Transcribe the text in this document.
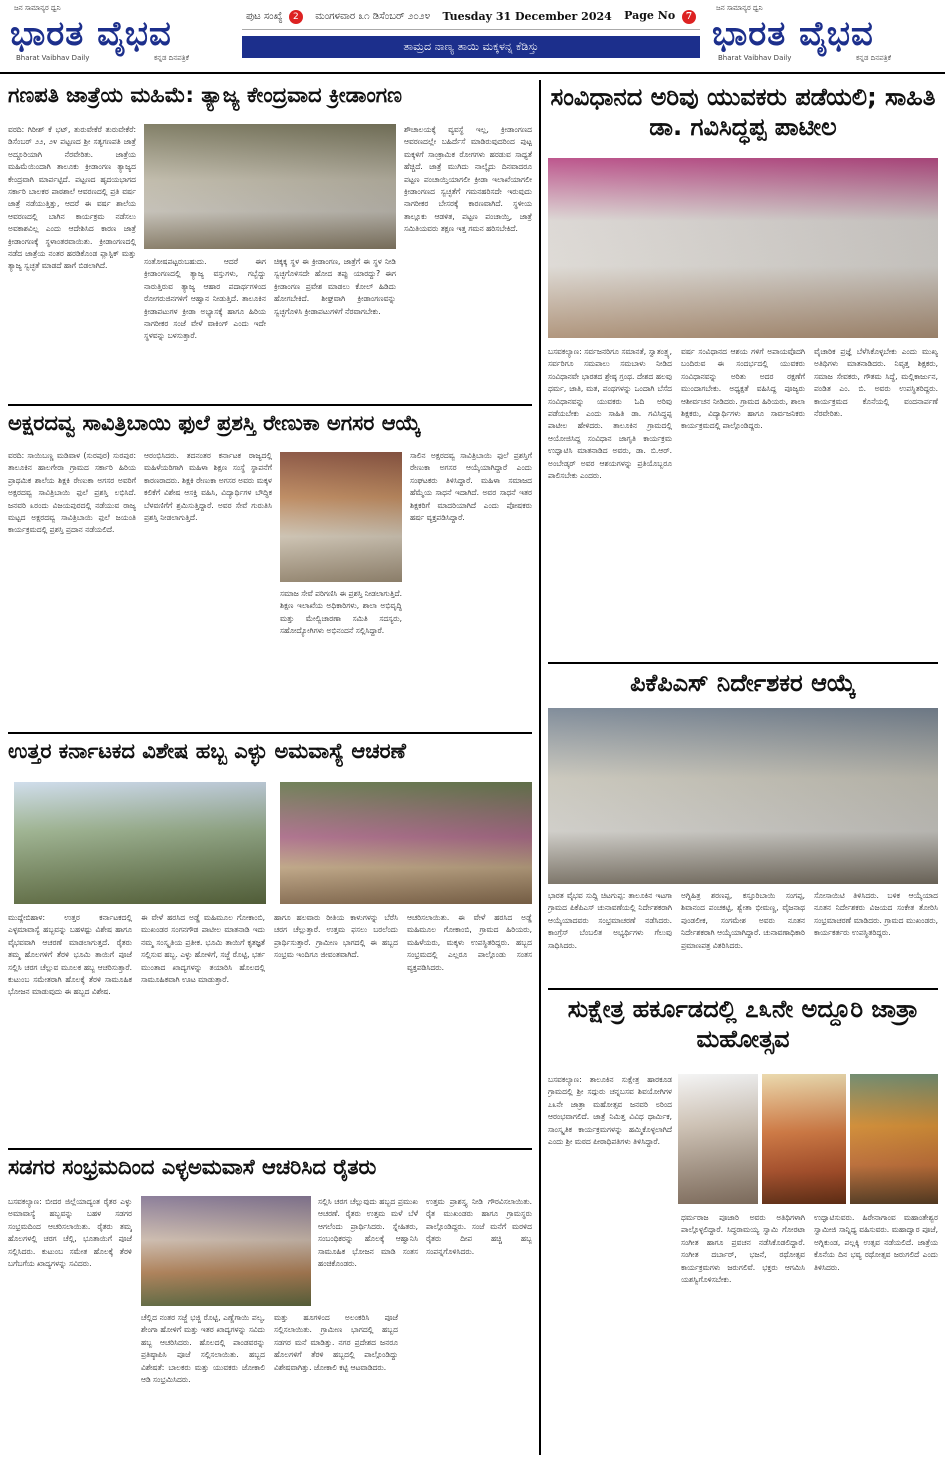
ಜನ ಸಾಮಾನ್ಯರ ಧ್ವನಿ
ಭಾರತ ವೈಭವ
Bharat Vaibhav Daily	ಕನ್ನಡ ದಿನಪತ್ರಿಕೆ
ಪುಟ ಸಂಖ್ಯೆ 2	ಮಂಗಳವಾರ ೩೧ ಡಿಸೆಂಬರ್ ೨೦೨೪ Tuesday 31 December 2024 Page No 7
ತಾಮ್ರದ ನಾಣ್ಯ ತಾಯಿ ಮಕ್ಕಳನ್ನ ಕೆಡಿಸ್ತು
ಜನ ಸಾಮಾನ್ಯರ ಧ್ವನಿ
ಭಾರತ ವೈಭವ
Bharat Vaibhav Daily	ಕನ್ನಡ ದಿನಪತ್ರಿಕೆ
ಗಣಪತಿ ಜಾತ್ರೆಯ ಮಹಿಮೆ: ತ್ಯಾಜ್ಯ ಕೇಂದ್ರವಾದ ಕ್ರೀಡಾಂಗಣ
ವರದಿ: ಗಿರೀಶ್ ಕೆ ಭಟ್, ತುರುವೇಕೆರೆ ತುರುವೇಕೆರೆ: ಡಿಸೆಂಬರ್ ೨೨, ೨೪ ಪಟ್ಟಣದ ಶ್ರೀ ಸತ್ಯಗಣಪತಿ ಜಾತ್ರೆ ಅದ್ದೂರಿಯಾಗಿ ನೆರವೇರಿತು. ಜಾತ್ರೆಯ ಮಹಿಮೆಯಿಂದಾಗಿ ತಾಲೂಕು ಕ್ರೀಡಾಂಗಣ ತ್ಯಾಜ್ಯದ ಕೇಂದ್ರವಾಗಿ ಮಾರ್ಪಟ್ಟಿದೆ. ಪಟ್ಟಣದ ಹೃದಯಭಾಗದ ಸರ್ಕಾರಿ ಬಾಲಕರ ಪಾಠಶಾಲೆ ಆವರಣದಲ್ಲಿ ಪ್ರತಿ ವರ್ಷ ಜಾತ್ರೆ ನಡೆಯುತ್ತಿತ್ತು, ಆದರೆ ಈ ವರ್ಷ ಶಾಲೆಯ ಆವರಣದಲ್ಲಿ ಬಾಗಿನ ಕಾರ್ಯಕ್ರಮ ನಡೆಸಲು ಅವಕಾಶವಿಲ್ಲ ಎಂದು ಆದೇಶಿಸಿದ ಕಾರಣ ಜಾತ್ರೆ ಕ್ರೀಡಾಂಗಣಕ್ಕೆ ಸ್ಥಳಾಂತರವಾಯಿತು. ಕ್ರೀಡಾಂಗಣದಲ್ಲಿ ನಡೆದ ಜಾತ್ರೆಯ ನಂತರ ಹರಡಿಕೊಂಡ ಪ್ಲಾಸ್ಟಿಕ್ ಮತ್ತು ತ್ಯಾಜ್ಯ ಸ್ವಚ್ಛತೆ ಮಾಡದೆ ಹಾಗೆ ಬಿಡಲಾಗಿದೆ.	ಸಂತೋಷಪಟ್ಟರುಬಹುದು. ಆದರೆ ಈಗ ಕ್ರೀಡಾಂಗಣದಲ್ಲಿ ತ್ಯಾಜ್ಯ ವಸ್ತುಗಳು, ಗಬ್ಬೆದ್ದು ನಾರುತ್ತಿರುವ ತ್ಯಾಜ್ಯ ಆಹಾರ ಪದಾರ್ಥಗಳಿಂದ ರೋಗರುಜಿನಗಳಿಗೆ ಆಹ್ವಾನ ನೀಡುತ್ತಿದೆ. ತಾಲೂಕಿನ ಕ್ರೀಡಾಪಟುಗಳ ಕ್ರೀಡಾ ಅಭ್ಯಾಸಕ್ಕೆ ಹಾಗೂ ಹಿರಿಯ ನಾಗರೀಕರ ಸಂಜೆ ವೇಳೆ ವಾಕಿಂಗ್ ಎಂದು ಇದೇ ಸ್ಥಳವನ್ನು ಬಳಸುತ್ತಾರೆ.
ಚಿಕ್ಕಕ್ಕ ಸ್ಥಳ ಈ ಕ್ರೀಡಾಂಗಣ, ಜಾತ್ರೆಗೆ ಈ ಸ್ಥಳ ನೀಡಿ ಸ್ವಚ್ಛಗೊಳಿಸದೇ ಹೋದ ತಪ್ಪು ಯಾರದ್ದು? ಈಗ ಕ್ರೀಡಾಂಗಣ ಪ್ರವೇಶ ಮಾಡಲು ಕೋಲ್ ಹಿಡಿದು ಹೋಗಬೇಕಿದೆ. ಶೀಘ್ರವಾಗಿ ಕ್ರೀಡಾಂಗಣವನ್ನು ಸ್ವಚ್ಛಗೊಳಿಸಿ ಕ್ರೀಡಾಪಟುಗಳಿಗೆ ನೆರವಾಗಬೇಕು.
ಶೌಚಾಲಯಕ್ಕೆ ವ್ಯವಸ್ಥೆ ಇಲ್ಲ, ಕ್ರೀಡಾಂಗಣದ ಆವರಣದಲ್ಲೇ ಬಹಿರ್ದೆಸೆ ಮಾಡಿರುವುದರಿಂದ ಪುಟ್ಟ ಮಕ್ಕಳಿಗೆ ಸಾಂಕ್ರಾಮಿಕ ರೋಗಗಳು ಹರಡುವ ಸಾಧ್ಯತೆ ಹೆಚ್ಚಿದೆ. ಜಾತ್ರೆ ಮುಗಿದು ನಾಲ್ಕೈದು ದಿನವಾದರೂ ಪಟ್ಟಣ ಪಂಚಾಯ್ತಿಯಾಗಲೀ ಕ್ರೀಡಾ ಇಲಾಖೆಯಾಗಲೀ ಕ್ರೀಡಾಂಗಣದ ಸ್ವಚ್ಛತೆಗೆ ಗಮನಹರಿಸದೇ ಇರುವುದು ನಾಗರೀಕರ ಬೇಸರಕ್ಕೆ ಕಾರಣವಾಗಿದೆ. ಸ್ಥಳೀಯ ತಾಲ್ಲೂಕು ಆಡಳಿತ, ಪಟ್ಟಣ ಪಂಚಾಯ್ತಿ, ಜಾತ್ರೆ ಸಮಿತಿಯವರು ತಕ್ಷಣ ಇತ್ತ ಗಮನ ಹರಿಸಬೇಕಿದೆ.
ಅಕ್ಷರದವ್ವ ಸಾವಿತ್ರಿಬಾಯಿ ಫುಲೆ ಪ್ರಶಸ್ತಿ ರೇಣುಕಾ ಅಗಸರ ಆಯ್ಕೆ
ವರದಿ: ಸಾಯಿಬಣ್ಣ ಮಡಿವಾಳ (ಸುರಪುರ) ಸುರಪುರ: ತಾಲೂಕಿನ ಹಾಲಗೇರಾ ಗ್ರಾಮದ ಸರ್ಕಾರಿ ಹಿರಿಯ ಪ್ರಾಥಮಿಕ ಶಾಲೆಯ ಶಿಕ್ಷಕಿ ರೇಣುಕಾ ಅಗಸರ ಅವರಿಗೆ ಅಕ್ಷರದವ್ವ ಸಾವಿತ್ರಿಬಾಯಿ ಫುಲೆ ಪ್ರಶಸ್ತಿ ಲಭಿಸಿದೆ. ಜನವರಿ ೩ರಂದು ವಿಜಯಪುರದಲ್ಲಿ ನಡೆಯುವ ರಾಜ್ಯ ಮಟ್ಟದ ಅಕ್ಷರದವ್ವ ಸಾವಿತ್ರಿಬಾಯಿ ಫುಲೆ ಜಯಂತಿ ಕಾರ್ಯಕ್ರಮದಲ್ಲಿ ಪ್ರಶಸ್ತಿ ಪ್ರದಾನ ನಡೆಯಲಿದೆ.
ಆರಂಭಿಸಿದರು. ತದನಂತರ ಕರ್ನಾಟಕ ರಾಜ್ಯದಲ್ಲಿ ಮಹಿಳೆಯರಿಗಾಗಿ ಮಹಿಳಾ ಶಿಕ್ಷಣ ಸಂಸ್ಥೆ ಸ್ಥಾಪನೆಗೆ ಕಾರಣರಾದರು. ಶಿಕ್ಷಕಿ ರೇಣುಕಾ ಅಗಸರ ಅವರು ಮಕ್ಕಳ ಕಲಿಕೆಗೆ ವಿಶೇಷ ಆಸಕ್ತಿ ವಹಿಸಿ, ವಿದ್ಯಾರ್ಥಿಗಳ ಬೌದ್ಧಿಕ ಬೆಳವಣಿಗೆಗೆ ಶ್ರಮಿಸುತ್ತಿದ್ದಾರೆ. ಅವರ ಸೇವೆ ಗುರುತಿಸಿ ಪ್ರಶಸ್ತಿ ನೀಡಲಾಗುತ್ತಿದೆ.
ಸಮಾಜ ಸೇವೆ ಪರಿಗಣಿಸಿ ಈ ಪ್ರಶಸ್ತಿ ನೀಡಲಾಗುತ್ತಿದೆ. ಶಿಕ್ಷಣ ಇಲಾಖೆಯ ಅಧಿಕಾರಿಗಳು, ಶಾಲಾ ಅಭಿವೃದ್ಧಿ ಮತ್ತು ಮೇಲ್ವಿಚಾರಣಾ ಸಮಿತಿ ಸದಸ್ಯರು, ಸಹೋದ್ಯೋಗಿಗಳು ಅಭಿನಂದನೆ ಸಲ್ಲಿಸಿದ್ದಾರೆ.
ಸಾಲಿನ ಅಕ್ಷರದವ್ವ ಸಾವಿತ್ರಿಬಾಯಿ ಫುಲೆ ಪ್ರಶಸ್ತಿಗೆ ರೇಣುಕಾ ಅಗಸರ ಆಯ್ಕೆಯಾಗಿದ್ದಾರೆ ಎಂದು ಸಂಘಟಕರು ತಿಳಿಸಿದ್ದಾರೆ. ಮಹಿಳಾ ಸಮಾಜದ ಹೆಮ್ಮೆಯ ಸಾಧನೆ ಇದಾಗಿದೆ. ಅವರ ಸಾಧನೆ ಇತರ ಶಿಕ್ಷಕರಿಗೆ ಮಾದರಿಯಾಗಿದೆ ಎಂದು ಪೋಷಕರು ಹರ್ಷ ವ್ಯಕ್ತಪಡಿಸಿದ್ದಾರೆ.
ಉತ್ತರ ಕರ್ನಾಟಕದ ವಿಶೇಷ ಹಬ್ಬ ಎಳ್ಳು ಅಮವಾಸ್ಯೆ ಆಚರಣೆ
ಮುದ್ದೇಬಿಹಾಳ: ಉತ್ತರ ಕರ್ನಾಟಕದಲ್ಲಿ ಎಳ್ಳಮಾವಾಸ್ಯೆ ಹಬ್ಬವನ್ನು ಬಹಳಷ್ಟು ವಿಶೇಷ ಹಾಗೂ ವೈಭವವಾಗಿ ಆಚರಣೆ ಮಾಡಲಾಗುತ್ತದೆ. ರೈತರು ತಮ್ಮ ಹೊಲಗಳಿಗೆ ತೆರಳಿ ಭೂಮಿ ತಾಯಿಗೆ ಪೂಜೆ ಸಲ್ಲಿಸಿ ಚರಗ ಚೆಲ್ಲುವ ಮೂಲಕ ಹಬ್ಬ ಆಚರಿಸುತ್ತಾರೆ. ಕುಟುಂಬ ಸಮೇತರಾಗಿ ಹೊಲಕ್ಕೆ ತೆರಳಿ ಸಾಮೂಹಿಕ ಭೋಜನ ಮಾಡುವುದು ಈ ಹಬ್ಬದ ವಿಶೇಷ.
ಈ ವೇಳೆ ಹರಸಿದ ಅಡ್ಡೆ ಮಹಿಮೂಲ ಗೋಕಾಂಬಿ, ಮುಖಂಡರ ಸಂಗನಗೌಡ ಪಾಟೀಲ ಮಾತನಾಡಿ ಇದು ನಮ್ಮ ಸಂಸ್ಕೃತಿಯ ಪ್ರತೀಕ. ಭೂಮಿ ತಾಯಿಗೆ ಕೃತಜ್ಞತೆ ಸಲ್ಲಿಸುವ ಹಬ್ಬ. ಎಳ್ಳು ಹೋಳಿಗೆ, ಸಜ್ಜೆ ರೊಟ್ಟಿ, ಭರ್ತ ಮುಂತಾದ ಖಾದ್ಯಗಳನ್ನು ತಯಾರಿಸಿ ಹೊಲದಲ್ಲಿ ಸಾಮೂಹಿಕವಾಗಿ ಊಟ ಮಾಡುತ್ತಾರೆ.
ಹಾಗೂ ಹಲವಾರು ರೀತಿಯ ಕಾಳುಗಳನ್ನು ಬೆರೆಸಿ ಚರಗ ಚೆಲ್ಲುತ್ತಾರೆ. ಉತ್ತಮ ಫಸಲು ಬರಲೆಂದು ಪ್ರಾರ್ಥಿಸುತ್ತಾರೆ. ಗ್ರಾಮೀಣ ಭಾಗದಲ್ಲಿ ಈ ಹಬ್ಬದ ಸಂಭ್ರಮ ಇಂದಿಗೂ ಜೀವಂತವಾಗಿದೆ.
ಆಚರಿಸಲಾಯಿತು. ಈ ವೇಳೆ ಹರಸಿದ ಅಡ್ಡೆ ಮಹಿಮೂಲ ಗೋಕಾಂಬಿ, ಗ್ರಾಮದ ಹಿರಿಯರು, ಮಹಿಳೆಯರು, ಮಕ್ಕಳು ಉಪಸ್ಥಿತರಿದ್ದರು. ಹಬ್ಬದ ಸಂಭ್ರಮದಲ್ಲಿ ಎಲ್ಲರೂ ಪಾಲ್ಗೊಂಡು ಸಂತಸ ವ್ಯಕ್ತಪಡಿಸಿದರು.
ಸಡಗರ ಸಂಭ್ರಮದಿಂದ ಎಳ್ಳಅಮವಾಸೆ ಆಚರಿಸಿದ ರೈತರು
ಬಸವಕಲ್ಯಾಣ: ಬೀದರ ಜಿಲ್ಲೆಯಾದ್ಯಂತ ರೈತರ ಎಳ್ಳು ಅಮಾವಾಸ್ಯೆ ಹಬ್ಬವನ್ನು ಬಹಳ ಸಡಗರ ಸಂಭ್ರಮದಿಂದ ಆಚರಿಸಲಾಯಿತು. ರೈತರು ತಮ್ಮ ಹೊಲಗಳಲ್ಲಿ ಚರಗ ಚೆಲ್ಲಿ, ಭೂತಾಯಿಗೆ ಪೂಜೆ ಸಲ್ಲಿಸಿದರು. ಕುಟುಂಬ ಸಮೇತ ಹೊಲಕ್ಕೆ ತೆರಳಿ ಬಗೆಬಗೆಯ ಖಾದ್ಯಗಳನ್ನು ಸವಿದರು.
ಚೆಲ್ಲಿದ ನಂತರ ಸಜ್ಜೆ ಭಜ್ಜಿ ರೊಟ್ಟಿ, ಎಣ್ಣೆಗಾಯಿ ಪಲ್ಯ, ಶೇಂಗಾ ಹೋಳಿಗೆ ಮತ್ತು ಇತರ ಖಾದ್ಯಗಳನ್ನು ಸವಿದು ಹಬ್ಬ ಆಚರಿಸಿದರು. ಹೊಲದಲ್ಲಿ ಪಾಂಡವರನ್ನು ಪ್ರತಿಷ್ಠಾಪಿಸಿ ಪೂಜೆ ಸಲ್ಲಿಸಲಾಯಿತು. ಹಬ್ಬದ ವಿಶೇಷತೆ: ಬಾಲಕರು ಮತ್ತು ಯುವಕರು ಜೋಕಾಲಿ ಆಡಿ ಸಂಭ್ರಮಿಸಿದರು.
ಸಲ್ಲಿಸಿ ಚರಗ ಚೆಲ್ಲುವುದು ಹಬ್ಬದ ಪ್ರಮುಖ ಆಚರಣೆ. ರೈತರು ಉತ್ತಮ ಮಳೆ ಬೆಳೆ ಆಗಲೆಂದು ಪ್ರಾರ್ಥಿಸಿದರು. ಸ್ನೇಹಿತರು, ಸಂಬಂಧಿಕರನ್ನು ಹೊಲಕ್ಕೆ ಆಹ್ವಾನಿಸಿ ಸಾಮೂಹಿಕ ಭೋಜನ ಮಾಡಿ ಸಂತಸ ಹಂಚಿಕೊಂಡರು.
ಮತ್ತು ಹೂಗಳಿಂದ ಅಲಂಕರಿಸಿ ಪೂಜೆ ಸಲ್ಲಿಸಲಾಯಿತು. ಗ್ರಾಮೀಣ ಭಾಗದಲ್ಲಿ ಹಬ್ಬದ ಸಡಗರ ಮನೆ ಮಾಡಿತ್ತು. ನಗರ ಪ್ರದೇಶದ ಜನರೂ ಹೊಲಗಳಿಗೆ ತೆರಳಿ ಹಬ್ಬದಲ್ಲಿ ಪಾಲ್ಗೊಂಡಿದ್ದು ವಿಶೇಷವಾಗಿತ್ತು. ಜೋಕಾಲಿ ಕಟ್ಟಿ ಆಟವಾಡಿದರು.
ಉತ್ತಮ ಪ್ರಾಶಸ್ತ್ಯ ನೀಡಿ ಗೌರವಿಸಲಾಯಿತು. ರೈತ ಮುಖಂಡರು ಹಾಗೂ ಗ್ರಾಮಸ್ಥರು ಪಾಲ್ಗೊಂಡಿದ್ದರು. ಸಂಜೆ ಮನೆಗೆ ಮರಳಿದ ರೈತರು ದೀಪ ಹಚ್ಚಿ ಹಬ್ಬ ಸಂಪನ್ನಗೊಳಿಸಿದರು.
ಸಂವಿಧಾನದ ಅರಿವು ಯುವಕರು ಪಡೆಯಲಿ; ಸಾಹಿತಿ ಡಾ. ಗವಿಸಿದ್ಧಪ್ಪ ಪಾಟೀಲ
ಬಸವಕಲ್ಯಾಣ: ಸರ್ವಜನರಿಗೂ ಸಮಾನತೆ, ಸ್ವಾತಂತ್ರ್ಯ, ಸರ್ವರಿಗೂ ಸಮಪಾಲು ಸಮಬಾಳು ನೀಡಿದ ಸಂವಿಧಾನವೇ ಭಾರತದ ಶ್ರೇಷ್ಠ ಗ್ರಂಥ. ದೇಶದ ಹಲವು ಧರ್ಮ, ಜಾತಿ, ಮತ, ಪಂಥಗಳನ್ನು ಒಂದಾಗಿ ಬೆಸೆದ ಸಂವಿಧಾನವನ್ನು ಯುವಕರು ಓದಿ ಅರಿವು ಪಡೆಯಬೇಕು ಎಂದು ಸಾಹಿತಿ ಡಾ. ಗವಿಸಿದ್ಧಪ್ಪ ಪಾಟೀಲ ಹೇಳಿದರು. ತಾಲೂಕಿನ ಗ್ರಾಮದಲ್ಲಿ ಆಯೋಜಿಸಿದ್ದ ಸಂವಿಧಾನ ಜಾಗೃತಿ ಕಾರ್ಯಕ್ರಮ ಉದ್ಘಾಟಿಸಿ ಮಾತನಾಡಿದ ಅವರು, ಡಾ. ಬಿ.ಆರ್. ಅಂಬೇಡ್ಕರ್ ಅವರ ಆಶಯಗಳನ್ನು ಪ್ರತಿಯೊಬ್ಬರೂ ಪಾಲಿಸಬೇಕು ಎಂದರು.
ವರ್ಷ ಸಂವಿಧಾನದ ಆಶಯ ಗಳಿಗೆ ಅಪಾಯವೊದಗಿ ಬಂದಿರುವ ಈ ಸಂದರ್ಭದಲ್ಲಿ ಯುವಕರು ಸಂವಿಧಾನವನ್ನು ಅರಿತು ಅದರ ರಕ್ಷಣೆಗೆ ಮುಂದಾಗಬೇಕು. ಅಧ್ಯಕ್ಷತೆ ವಹಿಸಿದ್ದ ಪೂಜ್ಯರು ಆಶೀರ್ವಚನ ನೀಡಿದರು. ಗ್ರಾಮದ ಹಿರಿಯರು, ಶಾಲಾ ಶಿಕ್ಷಕರು, ವಿದ್ಯಾರ್ಥಿಗಳು ಹಾಗೂ ಸಾರ್ವಜನಿಕರು ಕಾರ್ಯಕ್ರಮದಲ್ಲಿ ಪಾಲ್ಗೊಂಡಿದ್ದರು.
ವೈಚಾರಿಕ ಪ್ರಜ್ಞೆ ಬೆಳೆಸಿಕೊಳ್ಳಬೇಕು ಎಂದು ಮುಖ್ಯ ಅತಿಥಿಗಳು ಮಾತನಾಡಿದರು. ನಿವೃತ್ತ ಶಿಕ್ಷಕರು, ಸಮಾಜ ಸೇವಕರು, ಗೌತಮ ಸಿದ್ಧೆ, ಮಲ್ಲಿಕಾರ್ಜುನ, ಪಂಡಿತ ಎಂ. ಬಿ. ಅವರು ಉಪಸ್ಥಿತರಿದ್ದರು. ಕಾರ್ಯಕ್ರಮದ ಕೊನೆಯಲ್ಲಿ ವಂದನಾರ್ಪಣೆ ನೆರವೇರಿತು.
ಪಿಕೆಪಿಎಸ್ ನಿರ್ದೇಶಕರ ಆಯ್ಕೆ
ಭಾರತ ವೈಭವ ಸುದ್ದಿ ಚಿಟಗುಪ್ಪ: ತಾಲೂಕಿನ ಇಟಗಾ ಗ್ರಾಮದ ಪಿಕೆಪಿಎಸ್ ಚುನಾವಣೆಯಲ್ಲಿ ನಿರ್ದೇಶಕರಾಗಿ ಆಯ್ಕೆಯಾದವರು ಸಂಭ್ರಮಾಚರಣೆ ನಡೆಸಿದರು. ಕಾಂಗ್ರೆಸ್ ಬೆಂಬಲಿತ ಅಭ್ಯರ್ಥಿಗಳು ಗೆಲುವು ಸಾಧಿಸಿದರು.
ಅಗ್ನಿಹಿತ್ರ ಶರಣಪ್ಪ, ಕಸ್ತೂರಿಬಾಯಿ ಸಂಗಪ್ಪ, ಶಿವಾನಂದ ಪಂಚಕಟ್ಟಿ, ಶ್ವೇತಾ ಭೀಮಣ್ಣ, ವೈಜನಾಥ ಪುಂಡಲೀಕ, ಸಂಗಮೇಶ ಅವರು ನೂತನ ನಿರ್ದೇಶಕರಾಗಿ ಆಯ್ಕೆಯಾಗಿದ್ದಾರೆ. ಚುನಾವಣಾಧಿಕಾರಿ ಪ್ರಮಾಣಪತ್ರ ವಿತರಿಸಿದರು.
ಸೋಸಾಯಿಟಿ ತಿಳಿಸಿದರು. ಬಳಿಕ ಆಯ್ಕೆಯಾದ ನೂತನ ನಿರ್ದೇಶಕರು ವಿಜಯದ ಸಂಕೇತ ತೋರಿಸಿ ಸಂಭ್ರಮಾಚರಣೆ ಮಾಡಿದರು. ಗ್ರಾಮದ ಮುಖಂಡರು, ಕಾರ್ಯಕರ್ತರು ಉಪಸ್ಥಿತರಿದ್ದರು.
ಸುಕ್ಷೇತ್ರ ಹರ್ಕೂಡದಲ್ಲಿ ೭೩ನೇ ಅದ್ದೂರಿ ಜಾತ್ರಾ ಮಹೋತ್ಸವ
ಬಸವಕಲ್ಯಾಣ: ತಾಲೂಕಿನ ಸುಕ್ಷೇತ್ರ ಹಾರಕೂಡ ಗ್ರಾಮದಲ್ಲಿ ಶ್ರೀ ಸದ್ಗುರು ಚನ್ನಬಸವ ಶಿವಯೋಗಿಗಳ ೭೩ನೇ ಜಾತ್ರಾ ಮಹೋತ್ಸವ ಜನವರಿ ೮ರಿಂದ ಆರಂಭವಾಗಲಿದೆ. ಜಾತ್ರೆ ನಿಮಿತ್ತ ವಿವಿಧ ಧಾರ್ಮಿಕ, ಸಾಂಸ್ಕೃತಿಕ ಕಾರ್ಯಕ್ರಮಗಳನ್ನು ಹಮ್ಮಿಕೊಳ್ಳಲಾಗಿದೆ ಎಂದು ಶ್ರೀ ಮಠದ ಪೀಠಾಧಿಪತಿಗಳು ತಿಳಿಸಿದ್ದಾರೆ.
ಧರ್ಮರಾಜ ಪೂಜಾರಿ ಅವರು ಅತಿಥಿಗಳಾಗಿ ಪಾಲ್ಗೊಳ್ಳಲಿದ್ದಾರೆ. ಸಿದ್ಧರಾಮಯ್ಯ ಸ್ವಾಮಿ ಗೋರಟಾ ಸಂಗೀತ ಹಾಗೂ ಪ್ರವಚನ ನಡೆಸಿಕೊಡಲಿದ್ದಾರೆ. ಸಂಗೀತ ದರ್ಬಾರ್, ಭಜನೆ, ರಥೋತ್ಸವ ಕಾರ್ಯಕ್ರಮಗಳು ಜರುಗಲಿವೆ. ಭಕ್ತರು ಆಗಮಿಸಿ ಯಶಸ್ವಿಗೊಳಿಸಬೇಕು.
ಉದ್ಘಾಟಿಸುವರು. ಹಿರೇನಾಗಾಂವ ಮಹಾಂತೇಶ್ವರ ಸ್ವಾಮೀಜಿ ಸಾನ್ನಿಧ್ಯ ವಹಿಸುವರು. ಮಹಾದ್ವಾರ ಪೂಜೆ, ಅಗ್ನಿಕುಂಡ, ಪಲ್ಲಕ್ಕಿ ಉತ್ಸವ ನಡೆಯಲಿದೆ. ಜಾತ್ರೆಯ ಕೊನೆಯ ದಿನ ಭವ್ಯ ರಥೋತ್ಸವ ಜರುಗಲಿದೆ ಎಂದು ತಿಳಿಸಿದರು.
